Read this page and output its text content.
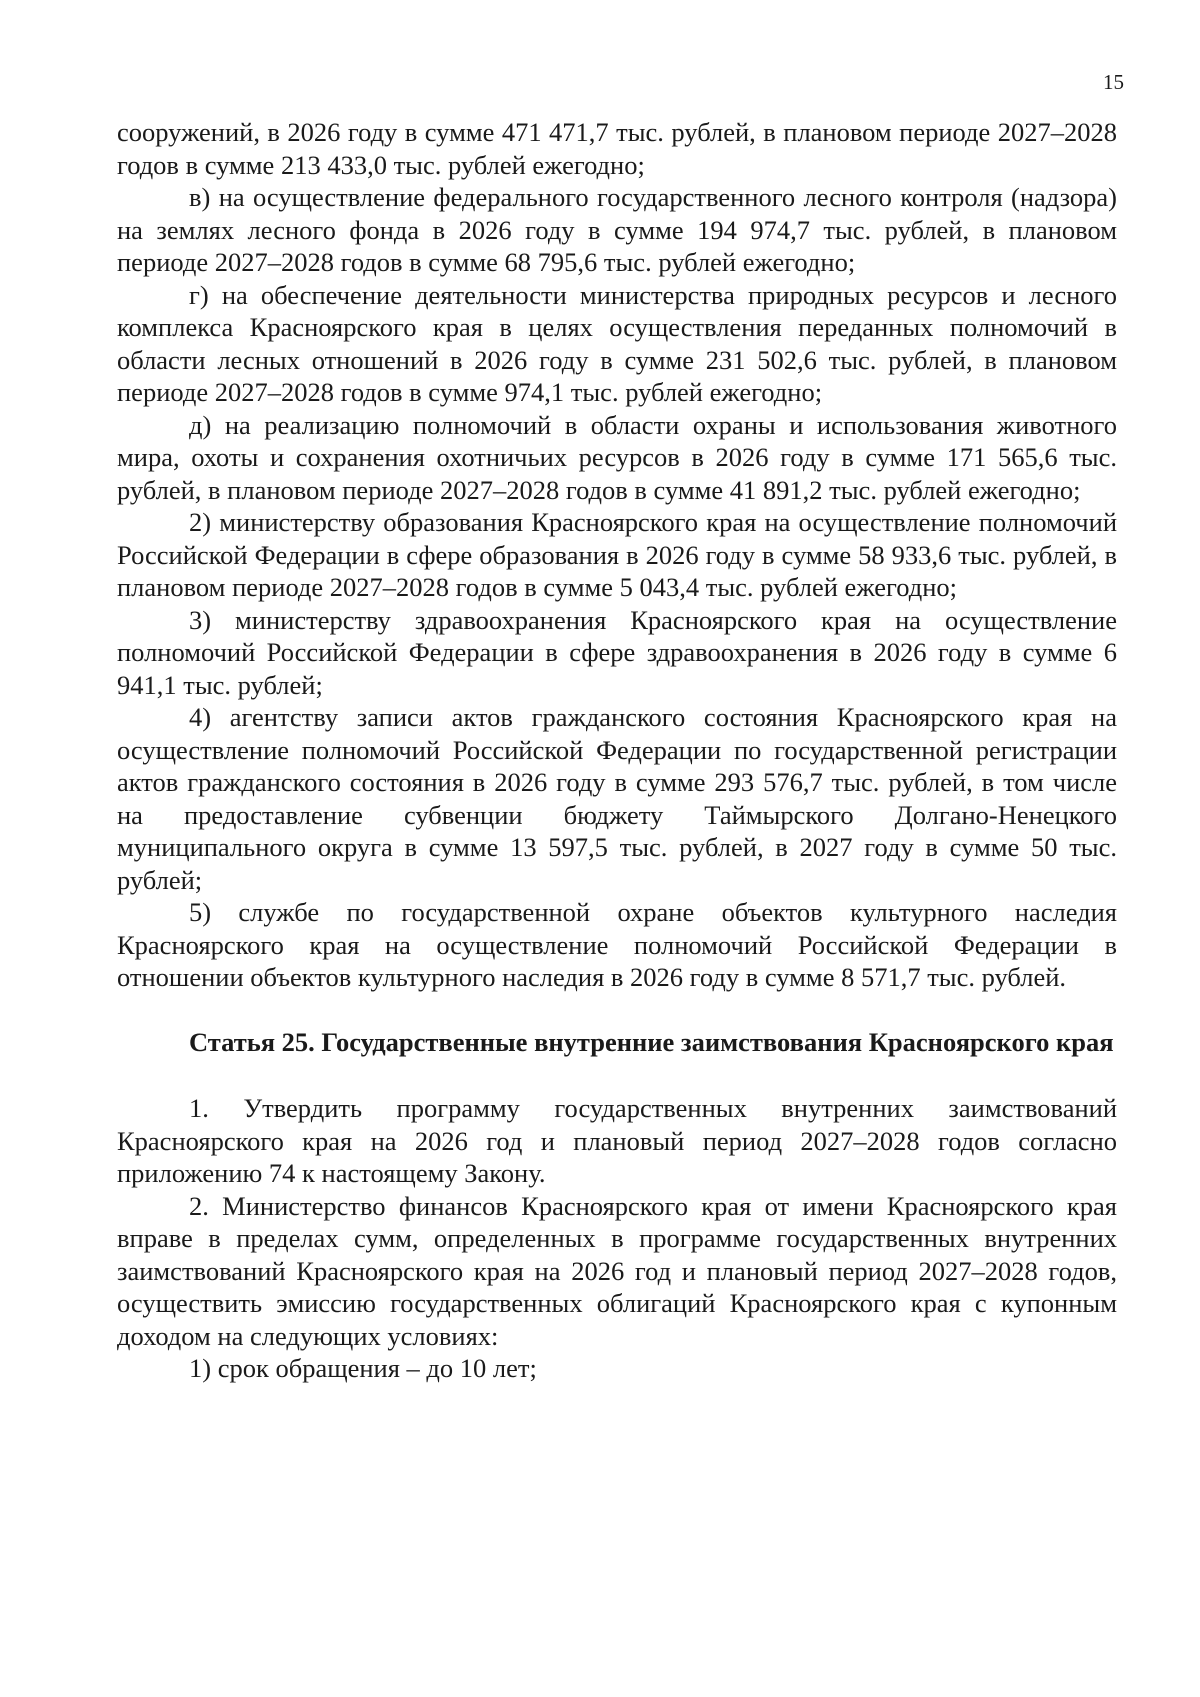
15

сооружений, в 2026 году в сумме 471 471,7 тыс. рублей, в плановом периоде 2027–2028 годов в сумме 213 433,0 тыс. рублей ежегодно;

в) на осуществление федерального государственного лесного контроля (надзора) на землях лесного фонда в 2026 году в сумме 194 974,7 тыс. рублей, в плановом периоде 2027–2028 годов в сумме 68 795,6 тыс. рублей ежегодно;

г) на обеспечение деятельности министерства природных ресурсов и лесного комплекса Красноярского края в целях осуществления переданных полномочий в области лесных отношений в 2026 году в сумме 231 502,6 тыс. рублей, в плановом периоде 2027–2028 годов в сумме 974,1 тыс. рублей ежегодно;

д) на реализацию полномочий в области охраны и использования животного мира, охоты и сохранения охотничьих ресурсов в 2026 году в сумме 171 565,6 тыс. рублей, в плановом периоде 2027–2028 годов в сумме 41 891,2 тыс. рублей ежегодно;

2) министерству образования Красноярского края на осуществление полномочий Российской Федерации в сфере образования в 2026 году в сумме 58 933,6 тыс. рублей, в плановом периоде 2027–2028 годов в сумме 5 043,4 тыс. рублей ежегодно;

3) министерству здравоохранения Красноярского края на осуществление полномочий Российской Федерации в сфере здравоохранения в 2026 году в сумме 6 941,1 тыс. рублей;

4) агентству записи актов гражданского состояния Красноярского края на осуществление полномочий Российской Федерации по государственной регистрации актов гражданского состояния в 2026 году в сумме 293 576,7 тыс. рублей, в том числе на предоставление субвенции бюджету Таймырского Долгано-Ненецкого муниципального округа в сумме 13 597,5 тыс. рублей, в 2027 году в сумме 50 тыс. рублей;

5) службе по государственной охране объектов культурного наследия Красноярского края на осуществление полномочий Российской Федерации в отношении объектов культурного наследия в 2026 году в сумме 8 571,7 тыс. рублей.

Статья 25. Государственные внутренние заимствования Красноярского края

1. Утвердить программу государственных внутренних заимствований Красноярского края на 2026 год и плановый период 2027–2028 годов согласно приложению 74 к настоящему Закону.

2. Министерство финансов Красноярского края от имени Красноярского края вправе в пределах сумм, определенных в программе государственных внутренних заимствований Красноярского края на 2026 год и плановый период 2027–2028 годов, осуществить эмиссию государственных облигаций Красноярского края с купонным доходом на следующих условиях:

1) срок обращения – до 10 лет;
